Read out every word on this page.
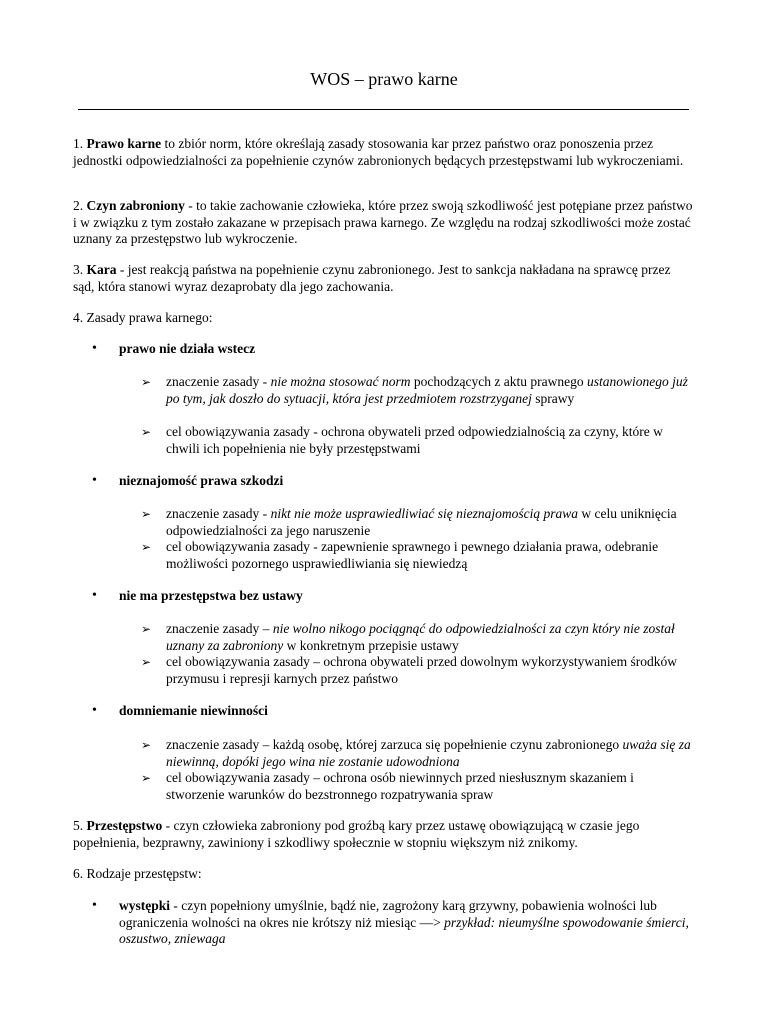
WOS – prawo karne
1. Prawo karne to zbiór norm, które określają zasady stosowania kar przez państwo oraz ponoszenia przez jednostki odpowiedzialności za popełnienie czynów zabronionych będących przestępstwami lub wykroczeniami.
2. Czyn zabroniony - to takie zachowanie człowieka, które przez swoją szkodliwość jest potępiane przez państwo i w związku z tym zostało zakazane w przepisach prawa karnego. Ze względu na rodzaj szkodliwości może zostać uznany za przestępstwo lub wykroczenie.
3. Kara - jest reakcją państwa na popełnienie czynu zabronionego. Jest to sankcja nakładana na sprawcę przez sąd, która stanowi wyraz dezaprobaty dla jego zachowania.
4. Zasady prawa karnego:
• prawo nie działa wstecz
➢ znaczenie zasady - nie można stosować norm pochodzących z aktu prawnego ustanowionego już po tym, jak doszło do sytuacji, która jest przedmiotem rozstrzyganej sprawy
➢ cel obowiązywania zasady - ochrona obywateli przed odpowiedzialnością za czyny, które w chwili ich popełnienia nie były przestępstwami
• nieznajomość prawa szkodzi
➢ znaczenie zasady - nikt nie może usprawiedliwiać się nieznajomością prawa w celu uniknięcia odpowiedzialności za jego naruszenie
➢ cel obowiązywania zasady - zapewnienie sprawnego i pewnego działania prawa, odebranie możliwości pozornego usprawiedliwiania się niewiedzą
• nie ma przestępstwa bez ustawy
➢ znaczenie zasady – nie wolno nikogo pociągnąć do odpowiedzialności za czyn który nie został uznany za zabroniony w konkretnym przepisie ustawy
➢ cel obowiązywania zasady – ochrona obywateli przed dowolnym wykorzystywaniem środków przymusu i represji karnych przez państwo
• domniemanie niewinności
➢ znaczenie zasady – każdą osobę, której zarzuca się popełnienie czynu zabronionego uważa się za niewinną, dopóki jego wina nie zostanie udowodniona
➢ cel obowiązywania zasady – ochrona osób niewinnych przed niesłusznym skazaniem i stworzenie warunków do bezstronnego rozpatrywania spraw
5. Przestępstwo - czyn człowieka zabroniony pod groźbą kary przez ustawę obowiązującą w czasie jego popełnienia, bezprawny, zawiniony i szkodliwy społecznie w stopniu większym niż znikomy.
6. Rodzaje przestępstw:
• występki - czyn popełniony umyślnie, bądź nie, zagrożony karą grzywny, pobawienia wolności lub ograniczenia wolności na okres nie krótszy niż miesiąc —> przykład: nieumyślne spowodowanie śmierci, oszustwo, zniewaga
